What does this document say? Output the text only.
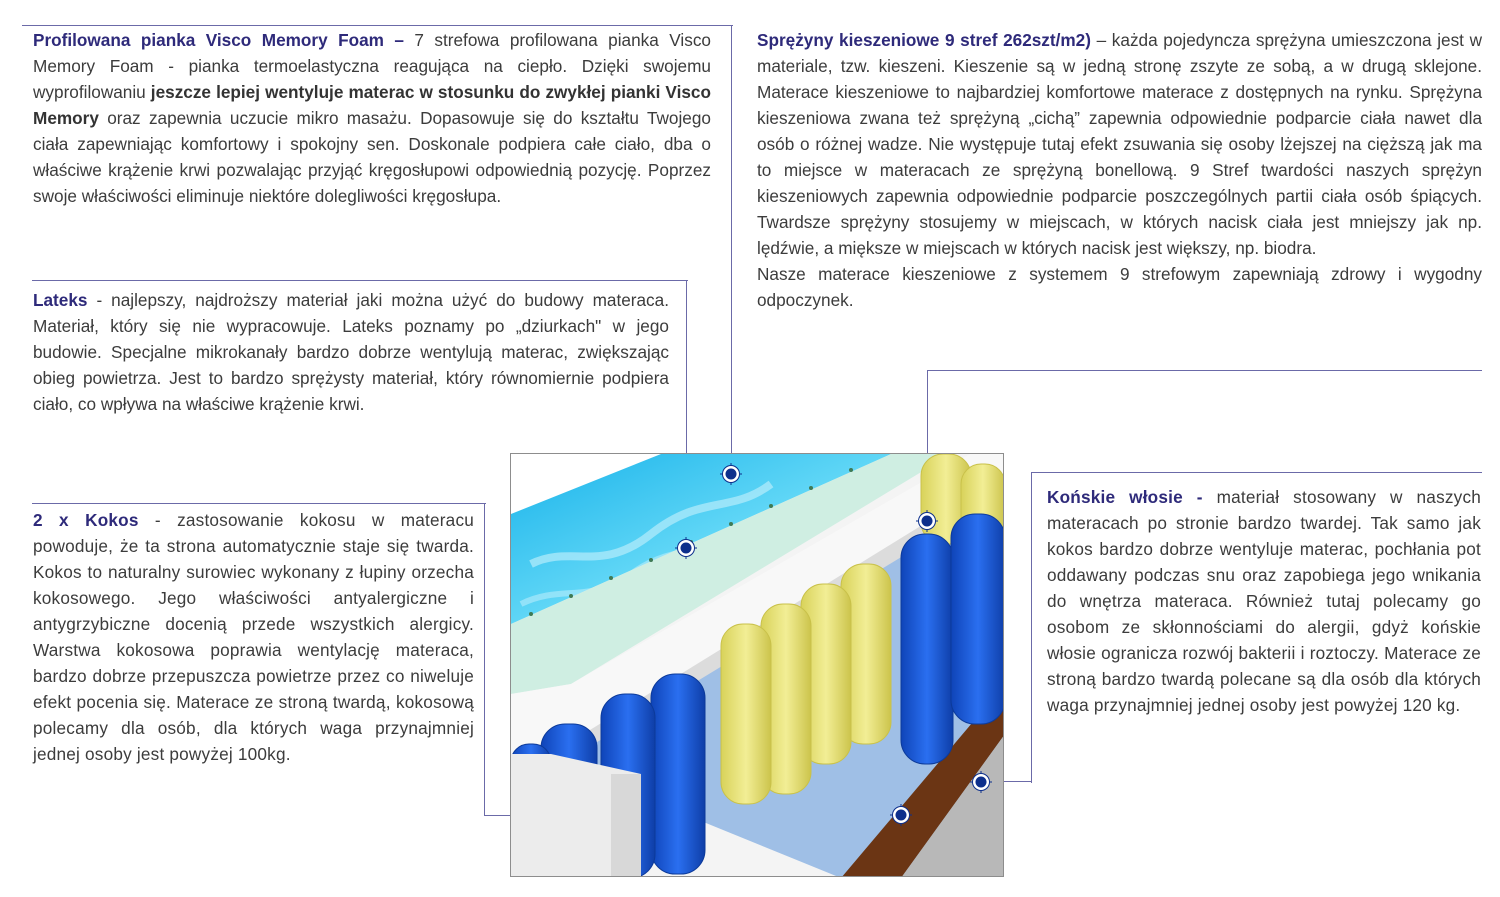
Profilowana pianka Visco Memory Foam – 7 strefowa profilowana pianka Visco Memory Foam - pianka termoelastyczna reagująca na ciepło. Dzięki swojemu wyprofilowaniu jeszcze lepiej wentyluje materac w stosunku do zwykłej pianki Visco Memory oraz zapewnia uczucie mikro masażu. Dopasowuje się do kształtu Twojego ciała zapewniając komfortowy i spokojny sen. Doskonale podpiera całe ciało, dba o właściwe krążenie krwi pozwalając przyjąć kręgosłupowi odpowiednią pozycję. Poprzez swoje właściwości eliminuje niektóre dolegliwości kręgosłupa.
Lateks - najlepszy, najdroższy materiał jaki można użyć do budowy materaca. Materiał, który się nie wypracowuje. Lateks poznamy po „dziurkach" w jego budowie. Specjalne mikrokanały bardzo dobrze wentylują materac, zwiększając obieg powietrza. Jest to bardzo sprężysty materiał, który równomiernie podpiera ciało, co wpływa na właściwe krążenie krwi.
2 x Kokos - zastosowanie kokosu w materacu powoduje, że ta strona automatycznie staje się twarda. Kokos to naturalny surowiec wykonany z łupiny orzecha kokosowego. Jego właściwości antyalergiczne i antygrzybiczne docenią przede wszystkich alergicy. Warstwa kokosowa poprawia wentylację materaca, bardzo dobrze przepuszcza powietrze przez co niweluje efekt pocenia się. Materace ze stroną twardą, kokosową polecamy dla osób, dla których waga przynajmniej jednej osoby jest powyżej 100kg.

Sprężyny kieszeniowe 9 stref 262szt/m2) – każda pojedyncza sprężyna umieszczona jest w materiale, tzw. kieszeni. Kieszenie są w jedną stronę zszyte ze sobą, a w drugą sklejone. Materace kieszeniowe to najbardziej komfortowe materace z dostępnych na rynku. Sprężyna kieszeniowa zwana też sprężyną „cichą” zapewnia odpowiednie podparcie ciała nawet dla osób o różnej wadze. Nie występuje tutaj efekt zsuwania się osoby lżejszej na cięższą jak ma to miejsce w materacach ze sprężyną bonellową. 9 Stref twardości naszych sprężyn kieszeniowych zapewnia odpowiednie podparcie poszczególnych partii ciała osób śpiących. Twardsze sprężyny stosujemy w miejscach, w których nacisk ciała jest mniejszy jak np. lędźwie, a miększe w miejscach w których nacisk jest większy, np. biodra.

Nasze materace kieszeniowe z systemem 9 strefowym zapewniają zdrowy i wygodny odpoczynek.

Końskie włosie - materiał stosowany w naszych materacach po stronie bardzo twardej. Tak samo jak kokos bardzo dobrze wentyluje materac, pochłania pot oddawany podczas snu oraz zapobiega jego wnikania do wnętrza materaca. Również tutaj polecamy go osobom ze skłonnościami do alergii, gdyż końskie włosie ogranicza rozwój bakterii i roztoczy. Materace ze stroną bardzo twardą polecane są dla osób dla których waga przynajmniej jednej osoby jest powyżej 120 kg.
